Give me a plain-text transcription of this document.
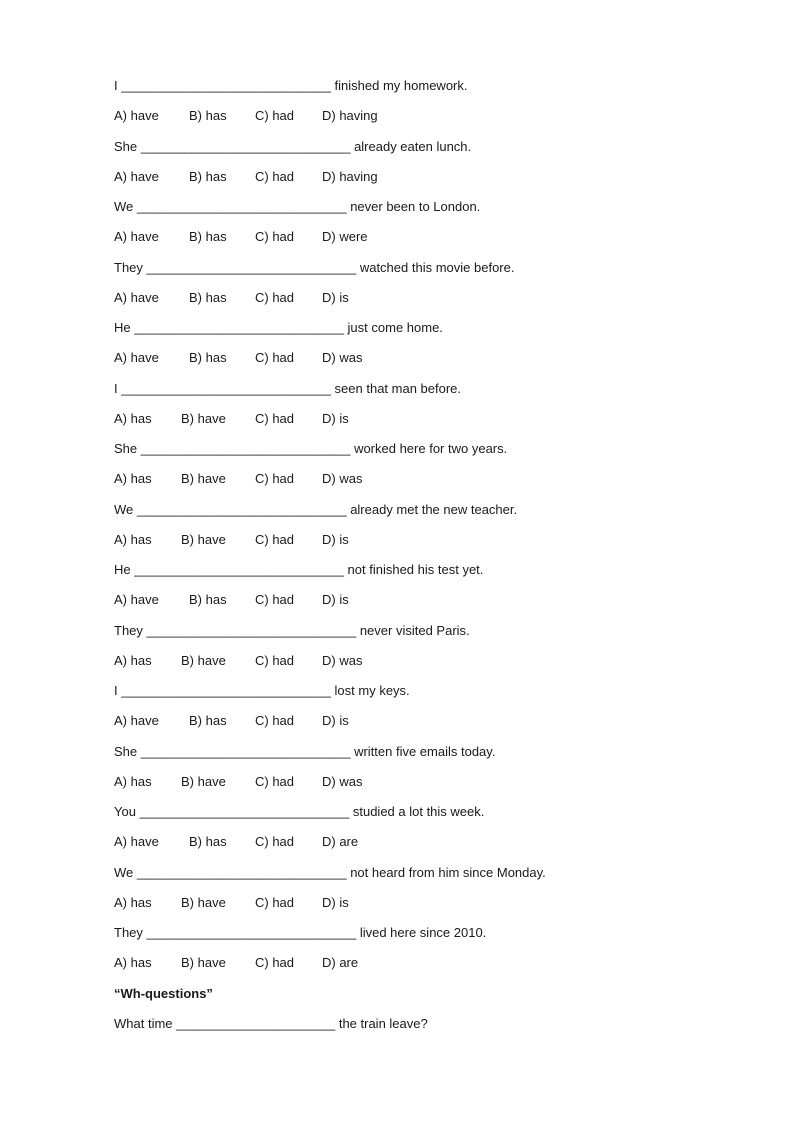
I _____________________________ finished my homework.
A) have B) has C) had D) having
She _____________________________ already eaten lunch.
A) have B) has C) had D) having
We _____________________________ never been to London.
A) have B) has C) had D) were
They _____________________________ watched this movie before.
A) have B) has C) had D) is
He _____________________________ just come home.
A) have B) has C) had D) was
I _____________________________ seen that man before.
A) has B) have C) had D) is
She _____________________________ worked here for two years.
A) has B) have C) had D) was
We _____________________________ already met the new teacher.
A) has B) have C) had D) is
He _____________________________ not finished his test yet.
A) have B) has C) had D) is
They _____________________________ never visited Paris.
A) has B) have C) had D) was
I _____________________________ lost my keys.
A) have B) has C) had D) is
She _____________________________ written five emails today.
A) has B) have C) had D) was
You _____________________________ studied a lot this week.
A) have B) has C) had D) are
We _____________________________ not heard from him since Monday.
A) has B) have C) had D) is
They _____________________________ lived here since 2010.
A) has B) have C) had D) are
“Wh-questions”
What time ______________________ the train leave?
